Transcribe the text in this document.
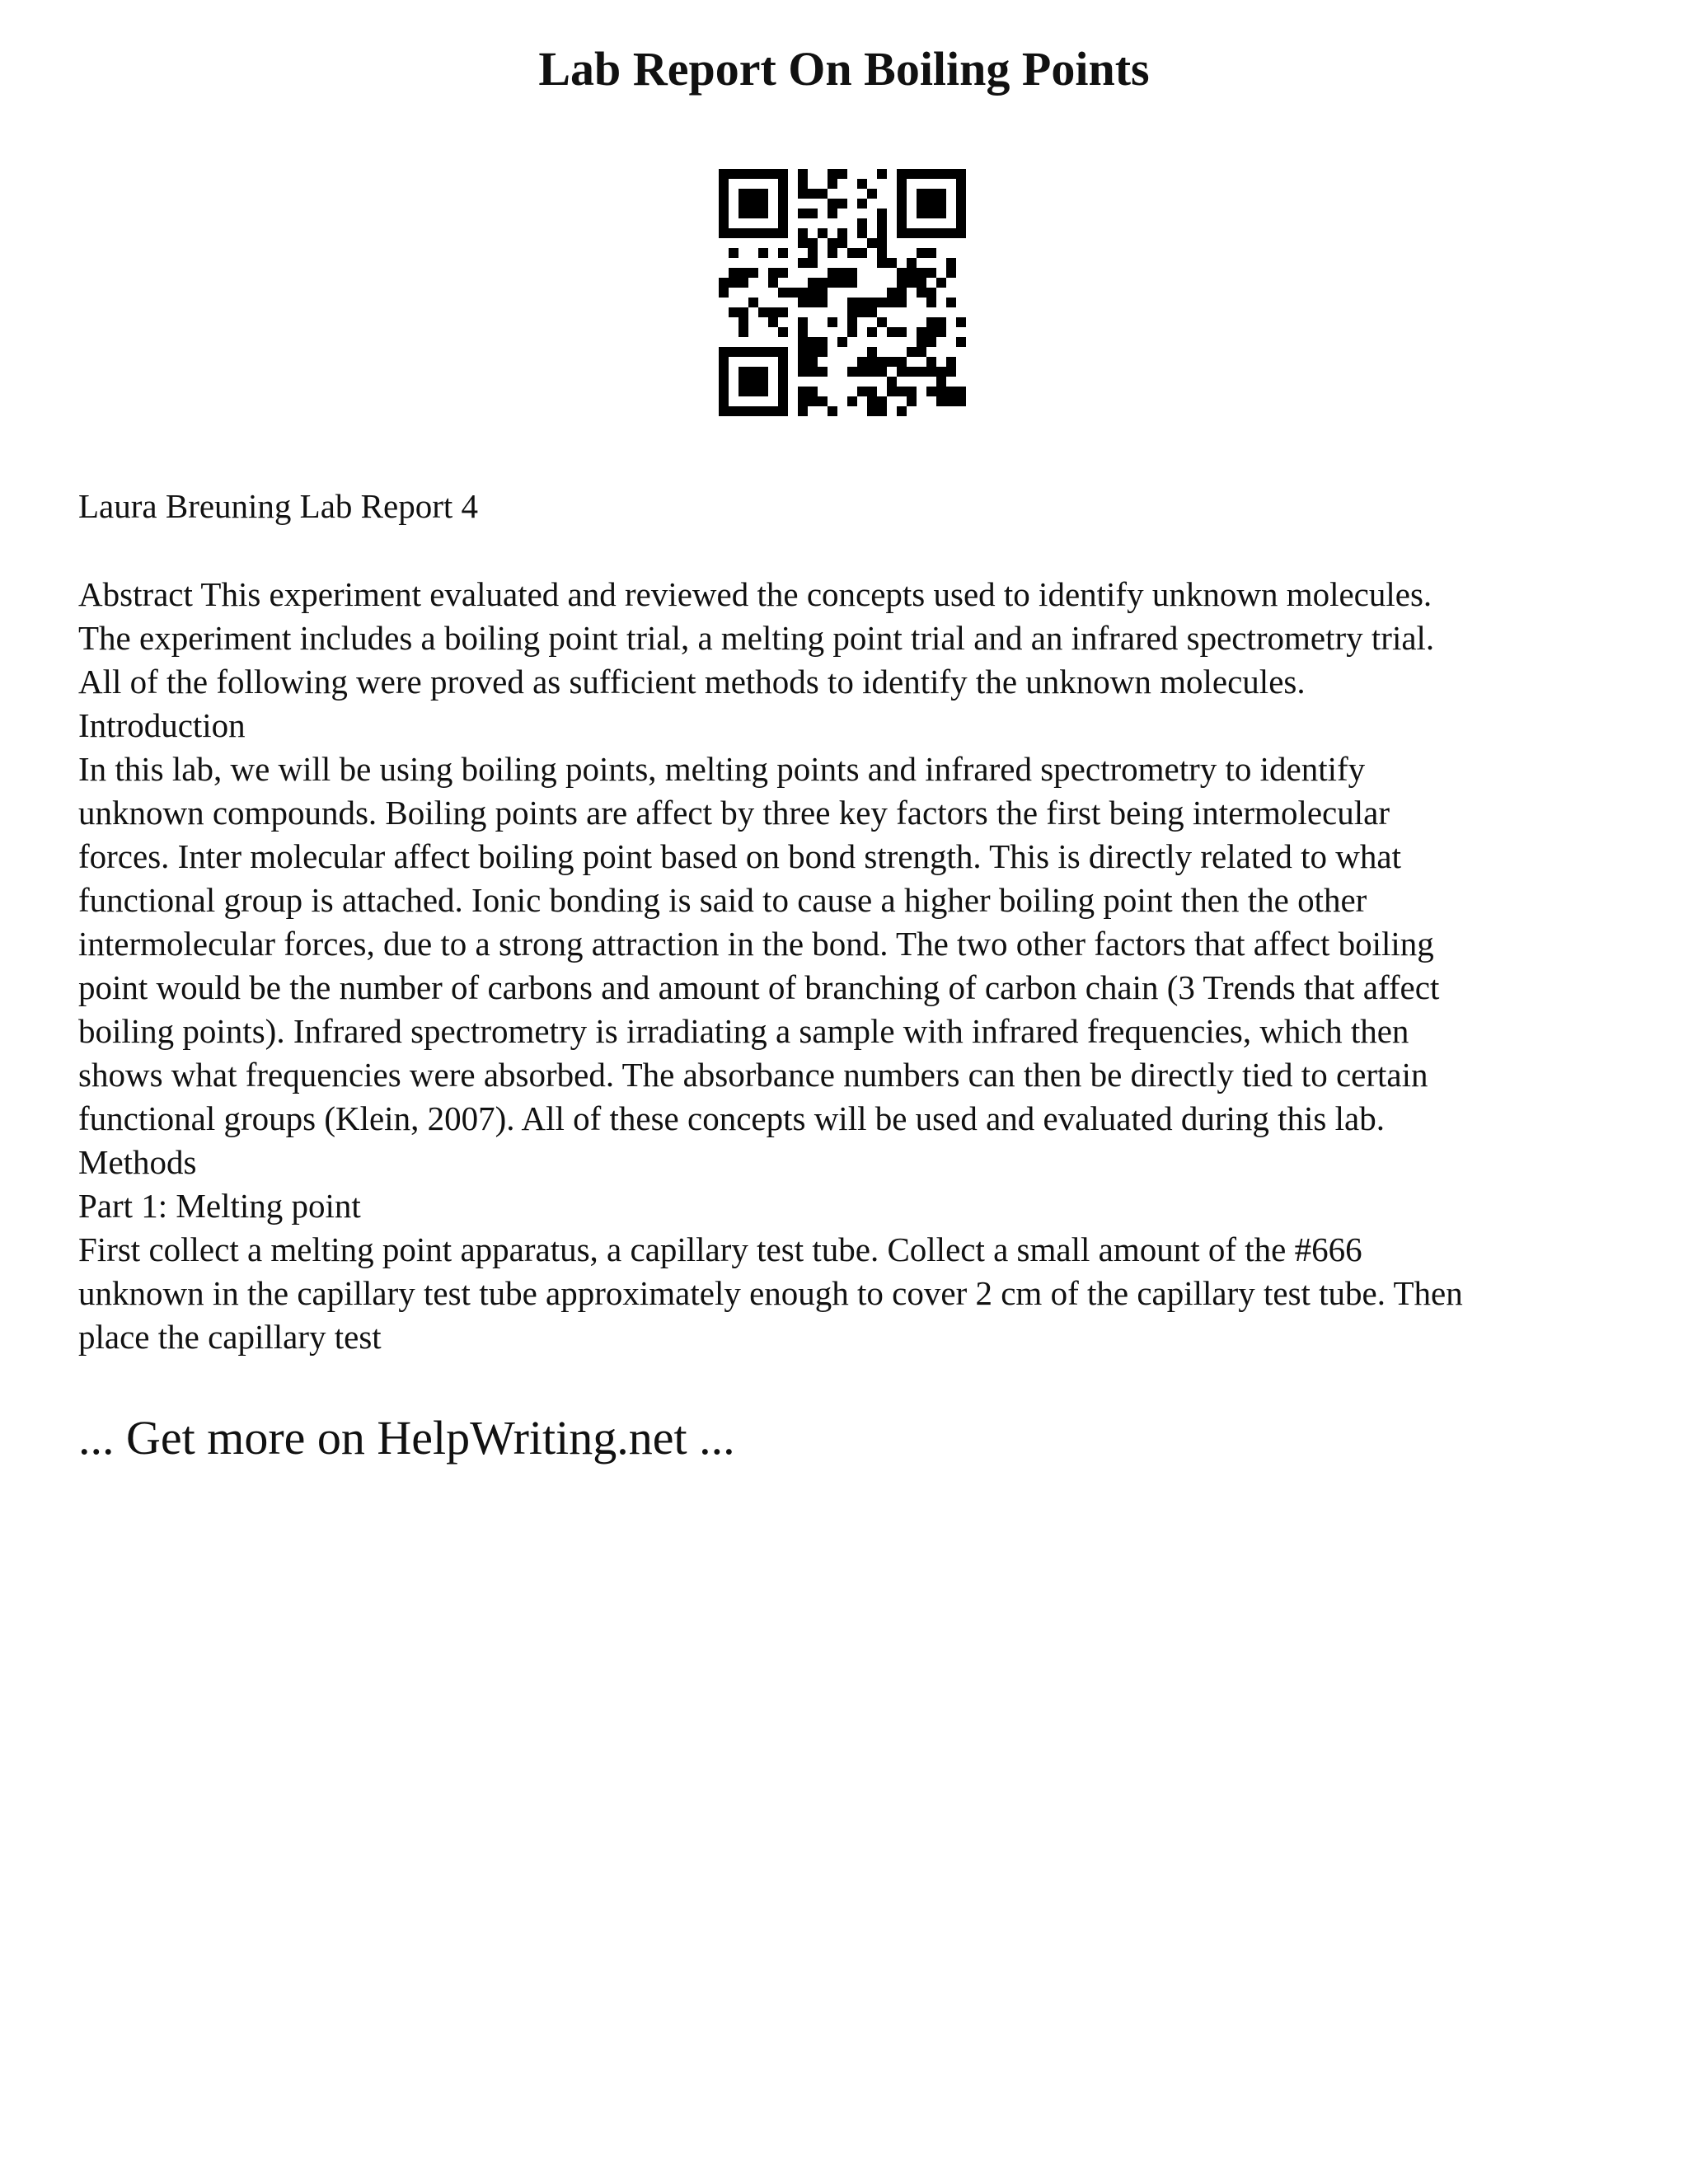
Lab Report On Boiling Points

Laura Breuning Lab Report 4

Abstract This experiment evaluated and reviewed the concepts used to identify unknown molecules.
The experiment includes a boiling point trial, a melting point trial and an infrared spectrometry trial.
All of the following were proved as sufficient methods to identify the unknown molecules.
Introduction
In this lab, we will be using boiling points, melting points and infrared spectrometry to identify
unknown compounds. Boiling points are affect by three key factors the first being intermolecular
forces. Inter molecular affect boiling point based on bond strength. This is directly related to what
functional group is attached. Ionic bonding is said to cause a higher boiling point then the other
intermolecular forces, due to a strong attraction in the bond. The two other factors that affect boiling
point would be the number of carbons and amount of branching of carbon chain (3 Trends that affect
boiling points). Infrared spectrometry is irradiating a sample with infrared frequencies, which then
shows what frequencies were absorbed. The absorbance numbers can then be directly tied to certain
functional groups (Klein, 2007). All of these concepts will be used and evaluated during this lab.
Methods
Part 1: Melting point
First collect a melting point apparatus, a capillary test tube. Collect a small amount of the #666
unknown in the capillary test tube approximately enough to cover 2 cm of the capillary test tube. Then
place the capillary test

... Get more on HelpWriting.net ...
